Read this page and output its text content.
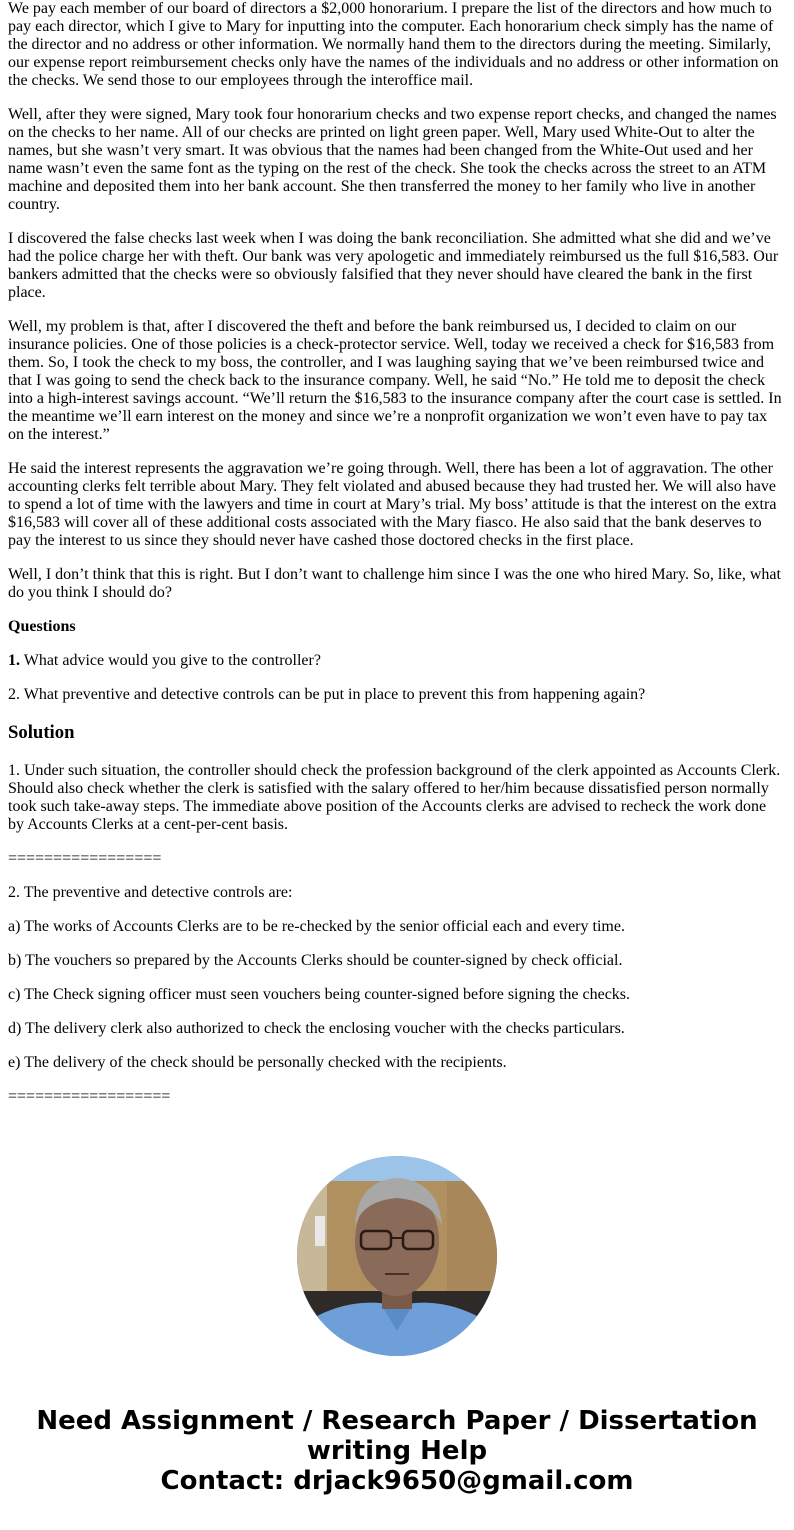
We pay each member of our board of directors a $2,000 honorarium. I prepare the list of the directors and how much to pay each director, which I give to Mary for inputting into the computer. Each honorarium check simply has the name of the director and no address or other information. We normally hand them to the directors during the meeting. Similarly, our expense report reimbursement checks only have the names of the individuals and no address or other information on the checks. We send those to our employees through the interoffice mail.

Well, after they were signed, Mary took four honorarium checks and two expense report checks, and changed the names on the checks to her name. All of our checks are printed on light green paper. Well, Mary used White-Out to alter the names, but she wasn’t very smart. It was obvious that the names had been changed from the White-Out used and her name wasn’t even the same font as the typing on the rest of the check. She took the checks across the street to an ATM machine and deposited them into her bank account. She then transferred the money to her family who live in another country.

I discovered the false checks last week when I was doing the bank reconciliation. She admitted what she did and we’ve had the police charge her with theft. Our bank was very apologetic and immediately reimbursed us the full $16,583. Our bankers admitted that the checks were so obviously falsified that they never should have cleared the bank in the first place.

Well, my problem is that, after I discovered the theft and before the bank reimbursed us, I decided to claim on our insurance policies. One of those policies is a check-protector service. Well, today we received a check for $16,583 from them. So, I took the check to my boss, the controller, and I was laughing saying that we’ve been reimbursed twice and that I was going to send the check back to the insurance company. Well, he said “No.” He told me to deposit the check into a high-interest savings account. “We’ll return the $16,583 to the insurance company after the court case is settled. In the meantime we’ll earn interest on the money and since we’re a nonprofit organization we won’t even have to pay tax on the interest.”

He said the interest represents the aggravation we’re going through. Well, there has been a lot of aggravation. The other accounting clerks felt terrible about Mary. They felt violated and abused because they had trusted her. We will also have to spend a lot of time with the lawyers and time in court at Mary’s trial. My boss’ attitude is that the interest on the extra $16,583 will cover all of these additional costs associated with the Mary fiasco. He also said that the bank deserves to pay the interest to us since they should never have cashed those doctored checks in the first place.

Well, I don’t think that this is right. But I don’t want to challenge him since I was the one who hired Mary. So, like, what do you think I should do?

Questions

1. What advice would you give to the controller?

2. What preventive and detective controls can be put in place to prevent this from happening again?

Solution

1. Under such situation, the controller should check the profession background of the clerk appointed as Accounts Clerk. Should also check whether the clerk is satisfied with the salary offered to her/him because dissatisfied person normally took such take-away steps. The immediate above position of the Accounts clerks are advised to recheck the work done by Accounts Clerks at a cent-per-cent basis.

=================

2. The preventive and detective controls are:

a) The works of Accounts Clerks are to be re-checked by the senior official each and every time.

b) The vouchers so prepared by the Accounts Clerks should be counter-signed by check official.

c) The Check signing officer must seen vouchers being counter-signed before signing the checks.

d) The delivery clerk also authorized to check the enclosing voucher with the checks particulars.

e) The delivery of the check should be personally checked with the recipients.

==================

Need Assignment / Research Paper / Dissertation writing Help
Contact: drjack9650@gmail.com
